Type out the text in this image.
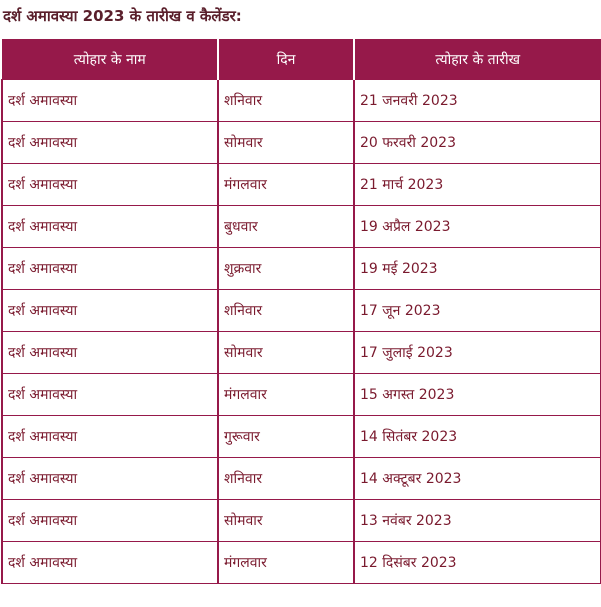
दर्श अमावस्या 2023 के तारीख व कैलेंडर:
त्योहार के नाम	दिन	त्योहार के तारीख
दर्श अमावस्या	शनिवार	21 जनवरी 2023
दर्श अमावस्या	सोमवार	20 फरवरी 2023
दर्श अमावस्या	मंगलवार	21 मार्च 2023
दर्श अमावस्या	बुधवार	19 अप्रैल 2023
दर्श अमावस्या	शुक्रवार	19 मई 2023
दर्श अमावस्या	शनिवार	17 जून 2023
दर्श अमावस्या	सोमवार	17 जुलाई 2023
दर्श अमावस्या	मंगलवार	15 अगस्त 2023
दर्श अमावस्या	गुरूवार	14 सितंबर 2023
दर्श अमावस्या	शनिवार	14 अक्टूबर 2023
दर्श अमावस्या	सोमवार	13 नवंबर 2023
दर्श अमावस्या	मंगलवार	12 दिसंबर 2023
